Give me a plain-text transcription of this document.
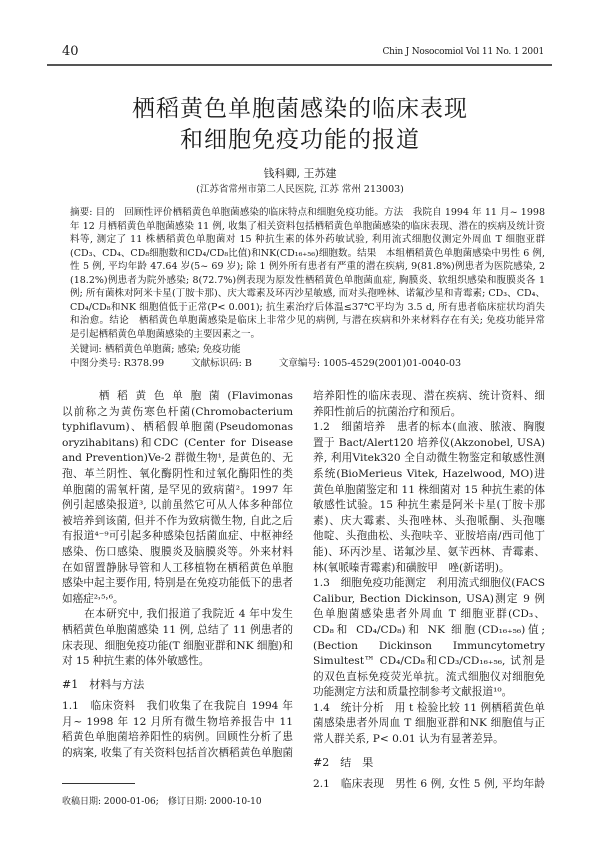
40	Chin J Nosocomiol Vol 11 No. 1 2001
栖稻黄色单胞菌感染的临床表现
和细胞免疫功能的报道
钱科卿, 王苏建
(江苏省常州市第二人民医院, 江苏 常州 213003)
摘要: 目的　回顾性评价栖稻黄色单胞菌感染的临床特点和细胞免疫功能。方法　我院自 1994 年 11 月~ 1998
年 12 月栖稻黄色单胞菌感染 11 例, 收集了相关资料包括栖稻黄色单胞菌感染的临床表现、潜在的疾病及统计资
料等, 测定了 11 株栖稻黄色单胞菌对 15 种抗生素的体外药敏试验, 利用流式细胞仪测定外周血 T 细胞亚群
(CD₃、CD₄、CD₈细胞数和CD₄/CD₈比值)和NK(CD₁₆₊₅₆)细胞数。结果　本组栖稻黄色单胞菌感染中男性 6 例,
性 5 例, 平均年龄 47.64 岁(5~ 69 岁); 除 1 例外所有患者有严重的潜在疾病, 9(81.8%)例患者为医院感染, 2
(18.2%)例患者为院外感染; 8(72.7%)例表现为原发性栖稻黄色单胞菌血症, 胸膜炎、软组织感染和腹膜炎各 1
例; 所有菌株对阿米卡星(丁胺卡那)、庆大霉素及环丙沙星敏感, 而对头孢唑林、诺氟沙星和青霉素; CD₃、CD₄、
CD₄/CD₈和NK 细胞值低于正常(P< 0.001); 抗生素治疗后体温≤37℃平均为 3.5 d, 所有患者临床症状均消失
和治愈。结论　栖稻黄色单胞菌感染是临床上非常少见的病例, 与潜在疾病和外来材料存在有关; 免疫功能异常
是引起栖稻黄色单胞菌感染的主要因素之一。
关键词: 栖稻黄色单胞菌; 感染; 免疫功能
中图分类号: R378.99	文献标识码: B	文章编号: 1005-4529(2001)01-0040-03
　　栖稻黄色单胞菌(Flavimonas
以前称之为黄伤寒色杆菌(Chromobacterium
typhiflavum)、栖稻假单胞菌(Pseudomonas
oryzihabitans)和CDC (Center for Disease
and Prevention)Ve-2 群微生物¹, 是黄色的、无
孢、革兰阴性、氧化酶阴性和过氧化酶阳性的类
单胞菌的需氧杆菌, 是罕见的致病菌²。1997 年
例引起感染报道³, 以前虽然它可从人体多种部位
被培养到该菌, 但并不作为致病微生物, 自此之后
有报道⁴⁻⁹可引起多种感染包括菌血症、中枢神经
感染、伤口感染、腹膜炎及脑膜炎等。外来材料
在如留置静脉导管和人工移植物在栖稻黄色单胞
感染中起主要作用, 特别是在免疫功能低下的患者
如癌症²˒⁵˒⁶。
　　在本研究中, 我们报道了我院近 4 年中发生
栖稻黄色单胞菌感染 11 例, 总结了 11 例患者的
床表现、细胞免疫功能(T 细胞亚群和NK 细胞)和
对 15 种抗生素的体外敏感性。
#1　材料与方法
1.1　临床资料　我们收集了在我院自 1994 年
月~ 1998 年 12 月所有微生物培养报告中 11
稻黄色单胞菌培养阳性的病例。回顾性分析了患
的病案, 收集了有关资料包括首次栖稻黄色单胞菌
培养阳性的临床表现、潜在疾病、统计资料、细
养阳性前后的抗菌治疗和预后。
1.2　细菌培养　患者的标本(血液、脓液、胸腹
置于 Bact/Alert120 培养仪(Akzonobel, USA)
养, 利用Vitek320 全自动微生物鉴定和敏感性测
系统(BioMerieus Vitek, Hazelwood, MO)进
黄色单胞菌鉴定和 11 株细菌对 15 种抗生素的体
敏感性试验。15 种抗生素是阿米卡星(丁胺卡那
素)、庆大霉素、头孢唑林、头孢哌酮、头孢噻
他啶、头孢曲松、头孢呋辛、亚胺培南/西司他丁
能)、环丙沙星、诺氟沙星、氨苄西林、青霉素、
林(氧哌嗪青霉素)和磺胺甲　唑(新诺明)。
1.3　细胞免疫功能测定　利用流式细胞仪(FACS
Calibur, Bection Dickinson, USA)测定 9 例
色单胞菌感染患者外周血 T 细胞亚群(CD₃、
CD₈和 CD₄/CD₈)和 NK 细胞(CD₁₆₊₅₆)值;
(Bection Dickinson Immuncytometry
Simultest™ CD₄/CD₈和CD₃/CD₁₆₊₅₆, 试剂是
的双色直标免疫荧光单抗。流式细胞仪对细胞免
功能测定方法和质量控制参考文献报道¹⁰。
1.4　统计分析　用 t 检验比较 11 例栖稻黄色单
菌感染患者外周血 T 细胞亚群和NK 细胞值与正
常人群关系, P< 0.01 认为有显著差异。
#2　结　果
2.1　临床表现　男性 6 例, 女性 5 例, 平均年龄
收稿日期: 2000-01-06;　修订日期: 2000-10-10
